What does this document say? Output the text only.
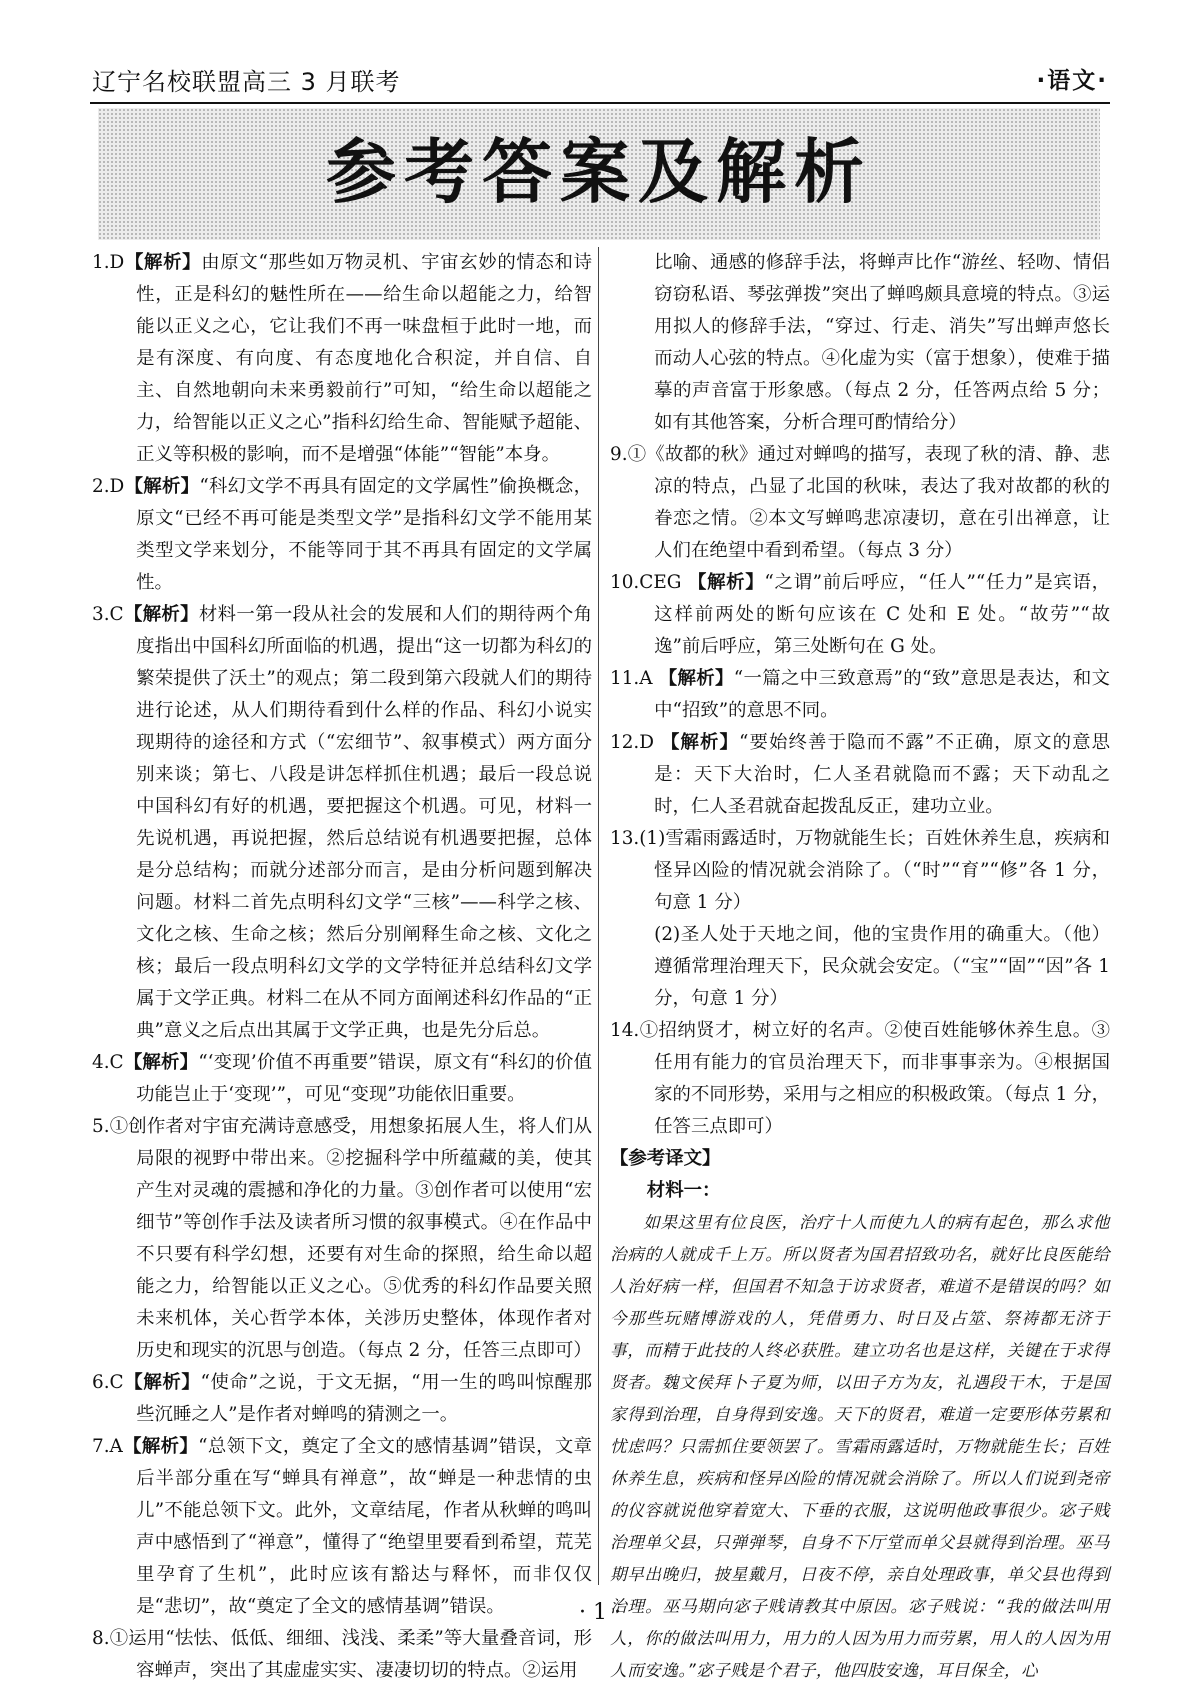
辽宁名校联盟高三 3 月联考	·语文·
参考答案及解析

1.D【解析】由原文“那些如万物灵机、宇宙玄妙的情态和诗性，正是科幻的魅性所在——给生命以超能之力，给智能以正义之心，它让我们不再一味盘桓于此时一地，而是有深度、有向度、有态度地化合积淀，并自信、自主、自然地朝向未来勇毅前行”可知，“给生命以超能之力，给智能以正义之心”指科幻给生命、智能赋予超能、正义等积极的影响，而不是增强“体能”“智能”本身。

2.D【解析】“科幻文学不再具有固定的文学属性”偷换概念，原文“已经不再可能是类型文学”是指科幻文学不能用某类型文学来划分，不能等同于其不再具有固定的文学属性。

3.C【解析】材料一第一段从社会的发展和人们的期待两个角度指出中国科幻所面临的机遇，提出“这一切都为科幻的繁荣提供了沃土”的观点；第二段到第六段就人们的期待进行论述，从人们期待看到什么样的作品、科幻小说实现期待的途径和方式（“宏细节”、叙事模式）两方面分别来谈；第七、八段是讲怎样抓住机遇；最后一段总说中国科幻有好的机遇，要把握这个机遇。可见，材料一先说机遇，再说把握，然后总结说有机遇要把握，总体是分总结构；而就分述部分而言，是由分析问题到解决问题。材料二首先点明科幻文学“三核”——科学之核、文化之核、生命之核；然后分别阐释生命之核、文化之核；最后一段点明科幻文学的文学特征并总结科幻文学属于文学正典。材料二在从不同方面阐述科幻作品的“正典”意义之后点出其属于文学正典，也是先分后总。

4.C【解析】“‘变现’价值不再重要”错误，原文有“科幻的价值功能岂止于‘变现’”，可见“变现”功能依旧重要。

5.①创作者对宇宙充满诗意感受，用想象拓展人生，将人们从局限的视野中带出来。②挖掘科学中所蕴藏的美，使其产生对灵魂的震撼和净化的力量。③创作者可以使用“宏细节”等创作手法及读者所习惯的叙事模式。④在作品中不只要有科学幻想，还要有对生命的探照，给生命以超能之力，给智能以正义之心。⑤优秀的科幻作品要关照未来机体，关心哲学本体，关涉历史整体，体现作者对历史和现实的沉思与创造。（每点 2 分，任答三点即可）

6.C【解析】“使命”之说，于文无据，“用一生的鸣叫惊醒那些沉睡之人”是作者对蝉鸣的猜测之一。

7.A【解析】“总领下文，奠定了全文的感情基调”错误，文章后半部分重在写“蝉具有禅意”，故“蝉是一种悲情的虫儿”不能总领下文。此外，文章结尾，作者从秋蝉的鸣叫声中感悟到了“禅意”，懂得了“绝望里要看到希望，荒芜里孕育了生机”，此时应该有豁达与释怀，而非仅仅是“悲切”，故“奠定了全文的感情基调”错误。

8.①运用“怯怯、低低、细细、浅浅、柔柔”等大量叠音词，形容蝉声，突出了其虚虚实实、凄凄切切的特点。②运用

比喻、通感的修辞手法，将蝉声比作“游丝、轻吻、情侣窃窃私语、琴弦弹拨”突出了蝉鸣颇具意境的特点。③运用拟人的修辞手法，“穿过、行走、消失”写出蝉声悠长而动人心弦的特点。④化虚为实（富于想象），使难于描摹的声音富于形象感。（每点 2 分，任答两点给 5 分；如有其他答案，分析合理可酌情给分）

9.①《故都的秋》通过对蝉鸣的描写，表现了秋的清、静、悲凉的特点，凸显了北国的秋味，表达了我对故都的秋的眷恋之情。②本文写蝉鸣悲凉凄切，意在引出禅意，让人们在绝望中看到希望。（每点 3 分）

10.CEG 【解析】“之谓”前后呼应，“任人”“任力”是宾语，这样前两处的断句应该在 C 处和 E 处。“故劳”“故逸”前后呼应，第三处断句在 G 处。

11.A 【解析】“一篇之中三致意焉”的“致”意思是表达，和文中“招致”的意思不同。

12.D 【解析】“要始终善于隐而不露”不正确，原文的意思是：天下大治时，仁人圣君就隐而不露；天下动乱之时，仁人圣君就奋起拨乱反正，建功立业。

13.(1)雪霜雨露适时，万物就能生长；百姓休养生息，疾病和怪异凶险的情况就会消除了。（“时”“育”“修”各 1 分，句意 1 分）

(2)圣人处于天地之间，他的宝贵作用的确重大。（他）遵循常理治理天下，民众就会安定。（“宝”“固”“因”各 1 分，句意 1 分）

14.①招纳贤才，树立好的名声。②使百姓能够休养生息。③任用有能力的官员治理天下，而非事事亲为。④根据国家的不同形势，采用与之相应的积极政策。（每点 1 分，任答三点即可）

【参考译文】

材料一：

如果这里有位良医，治疗十人而使九人的病有起色，那么求他治病的人就成千上万。所以贤者为国君招致功名，就好比良医能给人治好病一样，但国君不知急于访求贤者，难道不是错误的吗？如今那些玩赌博游戏的人，凭借勇力、时日及占筮、祭祷都无济于事，而精于此技的人终必获胜。建立功名也是这样，关键在于求得贤者。魏文侯拜卜子夏为师，以田子方为友，礼遇段干木，于是国家得到治理，自身得到安逸。天下的贤君，难道一定要形体劳累和忧虑吗？只需抓住要领罢了。雪霜雨露适时，万物就能生长；百姓休养生息，疾病和怪异凶险的情况就会消除了。所以人们说到尧帝的仪容就说他穿着宽大、下垂的衣服，这说明他政事很少。宓子贱治理单父县，只弹弹琴，自身不下厅堂而单父县就得到治理。巫马期早出晚归，披星戴月，日夜不停，亲自处理政事，单父县也得到治理。巫马期向宓子贱请教其中原因。宓子贱说：“我的做法叫用人，你的做法叫用力，用力的人因为用力而劳累，用人的人因为用人而安逸。”宓子贱是个君子，他四肢安逸，耳目保全，心

· 1 ·
